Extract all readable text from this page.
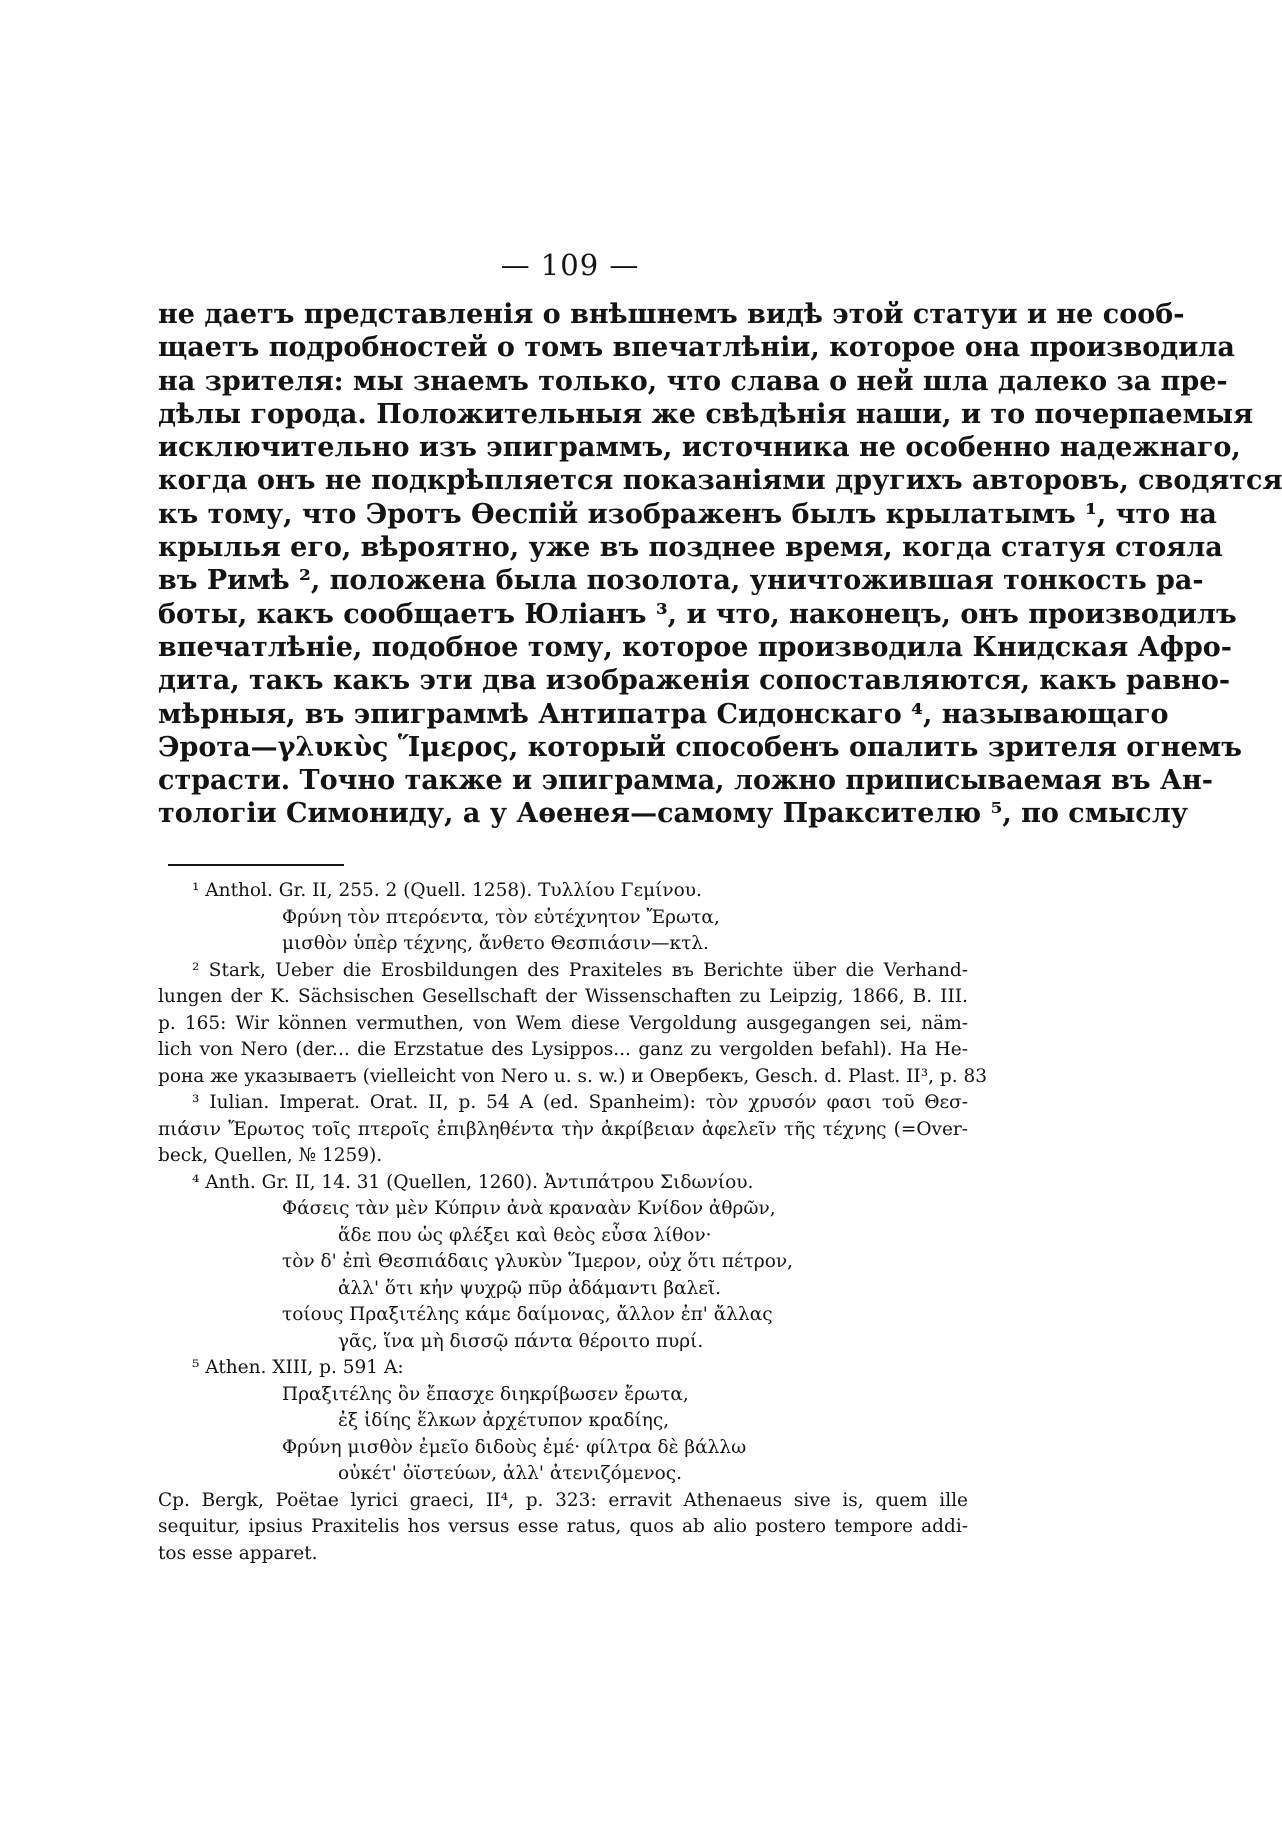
— 109 —
не даетъ представленія о внѣшнемъ видѣ этой статуи и не сооб-
щаетъ подробностей о томъ впечатлѣніи, которое она производила
на зрителя: мы знаемъ только, что слава о ней шла далеко за пре-
дѣлы города. Положительныя же свѣдѣнія наши, и то почерпаемыя
исключительно изъ эпиграммъ, источника не особенно надежнаго,
когда онъ не подкрѣпляется показаніями другихъ авторовъ, сводятся
къ тому, что Эротъ Ѳеспій изображенъ былъ крылатымъ ¹, что на
крылья его, вѣроятно, уже въ позднее время, когда статуя стояла
въ Римѣ ², положена была позолота, уничтожившая тонкость ра-
боты, какъ сообщаетъ Юліанъ ³, и что, наконецъ, онъ производилъ
впечатлѣніе, подобное тому, которое производила Книдская Афро-
дита, такъ какъ эти два изображенія сопоставляются, какъ равно-
мѣрныя, въ эпиграммѣ Антипатра Сидонскаго ⁴, называющаго
Эрота—γλυκὺς Ἵμερος, который способенъ опалить зрителя огнемъ
страсти. Точно также и эпиграмма, ложно приписываемая въ Ан-
тологіи Симониду, а у Аѳенея—самому Праксителю ⁵, по смыслу
¹ Anthol. Gr. II, 255. 2 (Quell. 1258). Τυλλίου Γεμίνου.
Φρύνη τὸν πτερόεντα, τὸν εὐτέχνητον Ἔρωτα,
μισθὸν ὑπὲρ τέχνης, ἄνθετο Θεσπιάσιν—κτλ.
² Stark, Ueber die Erosbildungen des Praxiteles въ Berichte über die Verhand-
lungen der K. Sächsischen Gesellschaft der Wissenschaften zu Leipzig, 1866, B. III.
p. 165: Wir können vermuthen, von Wem diese Vergoldung ausgegangen sei, näm-
lich von Nero (der... die Erzstatue des Lysippos... ganz zu vergolden befahl). На Не-
рона же указываетъ (vielleicht von Nero u. s. w.) и Овербекъ, Gesch. d. Plast. II³, p. 83
³ Iulian. Imperat. Orat. II, p. 54 A (ed. Spanheim): τὸν χρυσόν φασι τοῦ Θεσ-
πιάσιν Ἔρωτος τοῖς πτεροῖς ἐπιβληθέντα τὴν ἀκρίβειαν ἀφελεῖν τῆς τέχνης (=Over-
beck, Quellen, № 1259).
⁴ Anth. Gr. II, 14. 31 (Quellen, 1260). Ἀντιπάτρου Σιδωνίου.
Φάσεις τὰν μὲν Κύπριν ἀνὰ κραναὰν Κνίδον ἀθρῶν,
ἅδε που ὡς φλέξει καὶ θεὸς εὖσα λίθον·
τὸν δ' ἐπὶ Θεσπιάδαις γλυκὺν Ἵμερον, οὐχ ὅτι πέτρον,
ἀλλ' ὅτι κἠν ψυχρῷ πῦρ ἀδάμαντι βαλεῖ.
τοίους Πραξιτέλης κάμε δαίμονας, ἄλλον ἐπ' ἄλλας
γᾶς, ἵνα μὴ δισσῷ πάντα θέροιτο πυρί.
⁵ Athen. XIII, p. 591 A:
Πραξιτέλης ὃν ἔπασχε διηκρίβωσεν ἔρωτα,
ἐξ ἰδίης ἕλκων ἀρχέτυπον κραδίης,
Φρύνη μισθὸν ἐμεῖο διδοὺς ἐμέ· φίλτρα δὲ βάλλω
οὐκέτ' ὀϊστεύων, ἀλλ' ἀτενιζόμενος.
Ср. Bergk, Poëtae lyrici graeci, II⁴, p. 323: erravit Athenaeus sive is, quem ille
sequitur, ipsius Praxitelis hos versus esse ratus, quos ab alio postero tempore addi-
tos esse apparet.
